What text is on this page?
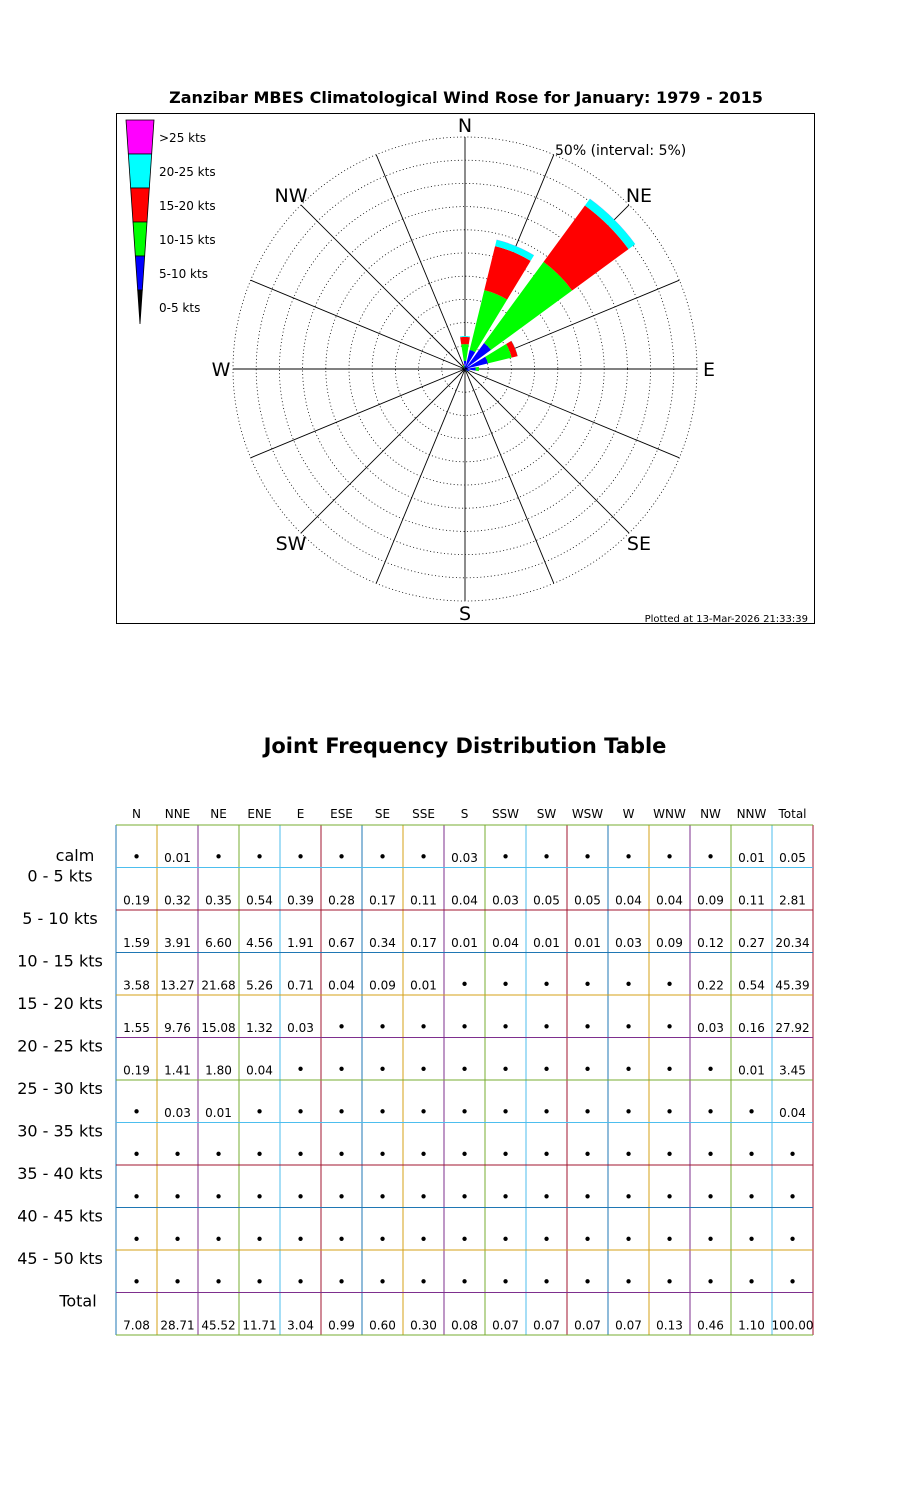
Zanzibar MBES Climatological Wind Rose for January: 1979 - 2015
N
NE
E
SE
S
SW
W
NW
>25 kts
20-25 kts
15-20 kts
10-15 kts
5-10 kts
0-5 kts
50% (interval: 5%)
Plotted at 13-Mar-2026 21:33:39
Joint Frequency Distribution Table
N NNE NE ENE E ESE SE SSE S SSW SW WSW W WNW NW NNW Total
calm	• 0.01 • • • • • • 0.03 • • • • • • 0.01 0.05
0 - 5 kts
0.19 0.32 0.35 0.54 0.39 0.28 0.17 0.11 0.04 0.03 0.05 0.05 0.04 0.04 0.09 0.11 2.81
5 - 10 kts
1.59 3.91 6.60 4.56 1.91 0.67 0.34 0.17 0.01 0.04 0.01 0.01 0.03 0.09 0.12 0.27 20.34
10 - 15 kts
3.58 13.27 21.68 5.26 0.71 0.04 0.09 0.01 • • • • • • 0.22 0.54 45.39
15 - 20 kts
1.55 9.76 15.08 1.32 0.03 • • • • • • • • • 0.03 0.16 27.92
20 - 25 kts
0.19 1.41 1.80 0.04 • • • • • • • • • • • 0.01 3.45
25 - 30 kts
• 0.03 0.01 • • • • • • • • • • • • • 0.04
30 - 35 kts
• • • • • • • • • • • • • • • • •
35 - 40 kts
• • • • • • • • • • • • • • • • •
40 - 45 kts
• • • • • • • • • • • • • • • • •
45 - 50 kts
• • • • • • • • • • • • • • • • •
Total
7.08 28.71 45.52 11.71 3.04 0.99 0.60 0.30 0.08 0.07 0.07 0.07 0.07 0.13 0.46 1.10 100.00
